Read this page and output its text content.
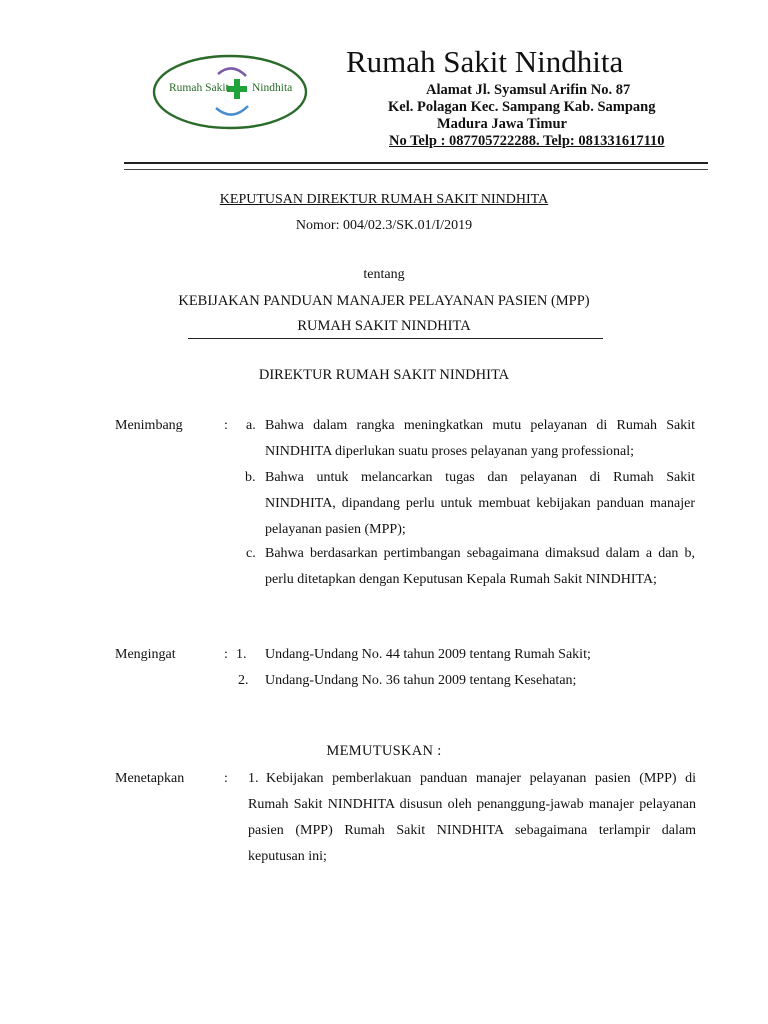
Rumah Sakit Nindhita
Rumah Sakit Nindhita
Alamat Jl. Syamsul Arifin No. 87
Kel. Polagan Kec. Sampang Kab. Sampang
Madura Jawa Timur
No Telp : 087705722288. Telp: 081331617110
KEPUTUSAN DIREKTUR RUMAH SAKIT NINDHITA
Nomor: 004/02.3/SK.01/I/2019
tentang
KEBIJAKAN PANDUAN MANAJER PELAYANAN PASIEN (MPP)
RUMAH SAKIT NINDHITA
DIREKTUR RUMAH SAKIT NINDHITA
Menimbang	: a. Bahwa dalam rangka meningkatkan mutu pelayanan di Rumah Sakit NINDHITA diperlukan suatu proses pelayanan yang professional;

b. Bahwa untuk melancarkan tugas dan pelayanan di Rumah Sakit NINDHITA, dipandang perlu untuk membuat kebijakan panduan manajer pelayanan pasien (MPP);

c. Bahwa berdasarkan pertimbangan sebagaimana dimaksud dalam a dan b, perlu ditetapkan dengan Keputusan Kepala Rumah Sakit NINDHITA;

Mengingat	: 1. Undang-Undang No. 44 tahun 2009 tentang Rumah Sakit;
2. Undang-Undang No. 36 tahun 2009 tentang Kesehatan;
MEMUTUSKAN :
Menetapkan	: 1. Kebijakan pemberlakuan panduan manajer pelayanan pasien (MPP) di Rumah Sakit NINDHITA disusun oleh penanggung-jawab manajer pelayanan pasien (MPP) Rumah Sakit NINDHITA sebagaimana terlampir dalam keputusan ini;
